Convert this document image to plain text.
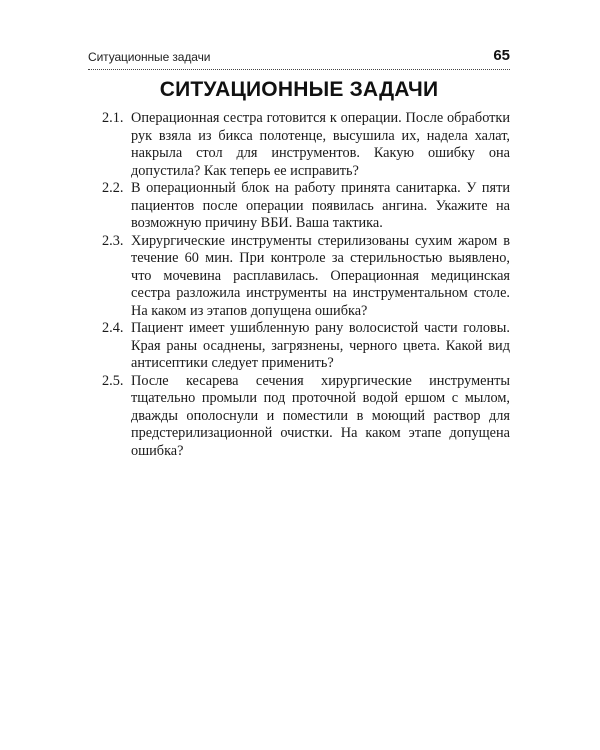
Ситуационные задачи	65
СИТУАЦИОННЫЕ ЗАДАЧИ
2.1. Операционная сестра готовится к операции. После обработки рук взяла из бикса полотенце, высушила их, надела халат, накрыла стол для инструментов. Какую ошибку она допустила? Как теперь ее исправить?
2.2. В операционный блок на работу принята санитарка. У пяти пациентов после операции появилась ангина. Укажите на возможную причину ВБИ. Ваша тактика.
2.3. Хирургические инструменты стерилизованы сухим жаром в течение 60 мин. При контроле за стерильностью выявлено, что мочевина расплавилась. Операционная медицинская сестра разложила инструменты на инструментальном столе. На каком из этапов допущена ошибка?
2.4. Пациент имеет ушибленную рану волосистой части головы. Края раны осаднены, загрязнены, черного цвета. Какой вид антисептики следует применить?
2.5. После кесарева сечения хирургические инструменты тщательно промыли под проточной водой ершом с мылом, дважды ополоснули и поместили в моющий раствор для предстерилизационной очистки. На каком этапе допущена ошибка?
